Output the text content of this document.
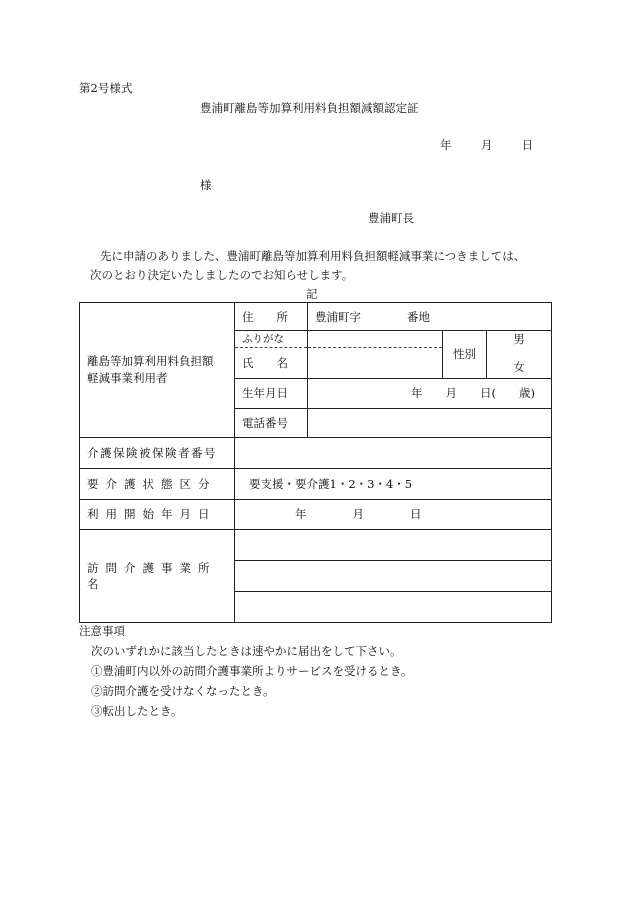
第2号様式
豊浦町離島等加算利用料負担額減額認定証
年	月	日
様
豊浦町長
先に申請のありました、豊浦町離島等加算利用料負担額軽減事業につきましては、
次のとおり決定いたしましたのでお知らせします。
記
離島等加算利用料負担額
軽減事業利用者	住　　所	豊浦町字　　　　番地		
	ふりがな		性別	男
	氏　　名			女
	生年月日	年　　月　　日(　　歳)		
	電話番号			
介護保険被保険者番号				
要介護状態区分	要支援・要介護1・2・3・4・5			
利用開始年月日	年　　　　月　　　　日			
訪問介護事業所名				

注意事項
次のいずれかに該当したときは速やかに届出をして下さい。
①豊浦町内以外の訪問介護事業所よりサービスを受けるとき。
②訪問介護を受けなくなったとき。
③転出したとき。
